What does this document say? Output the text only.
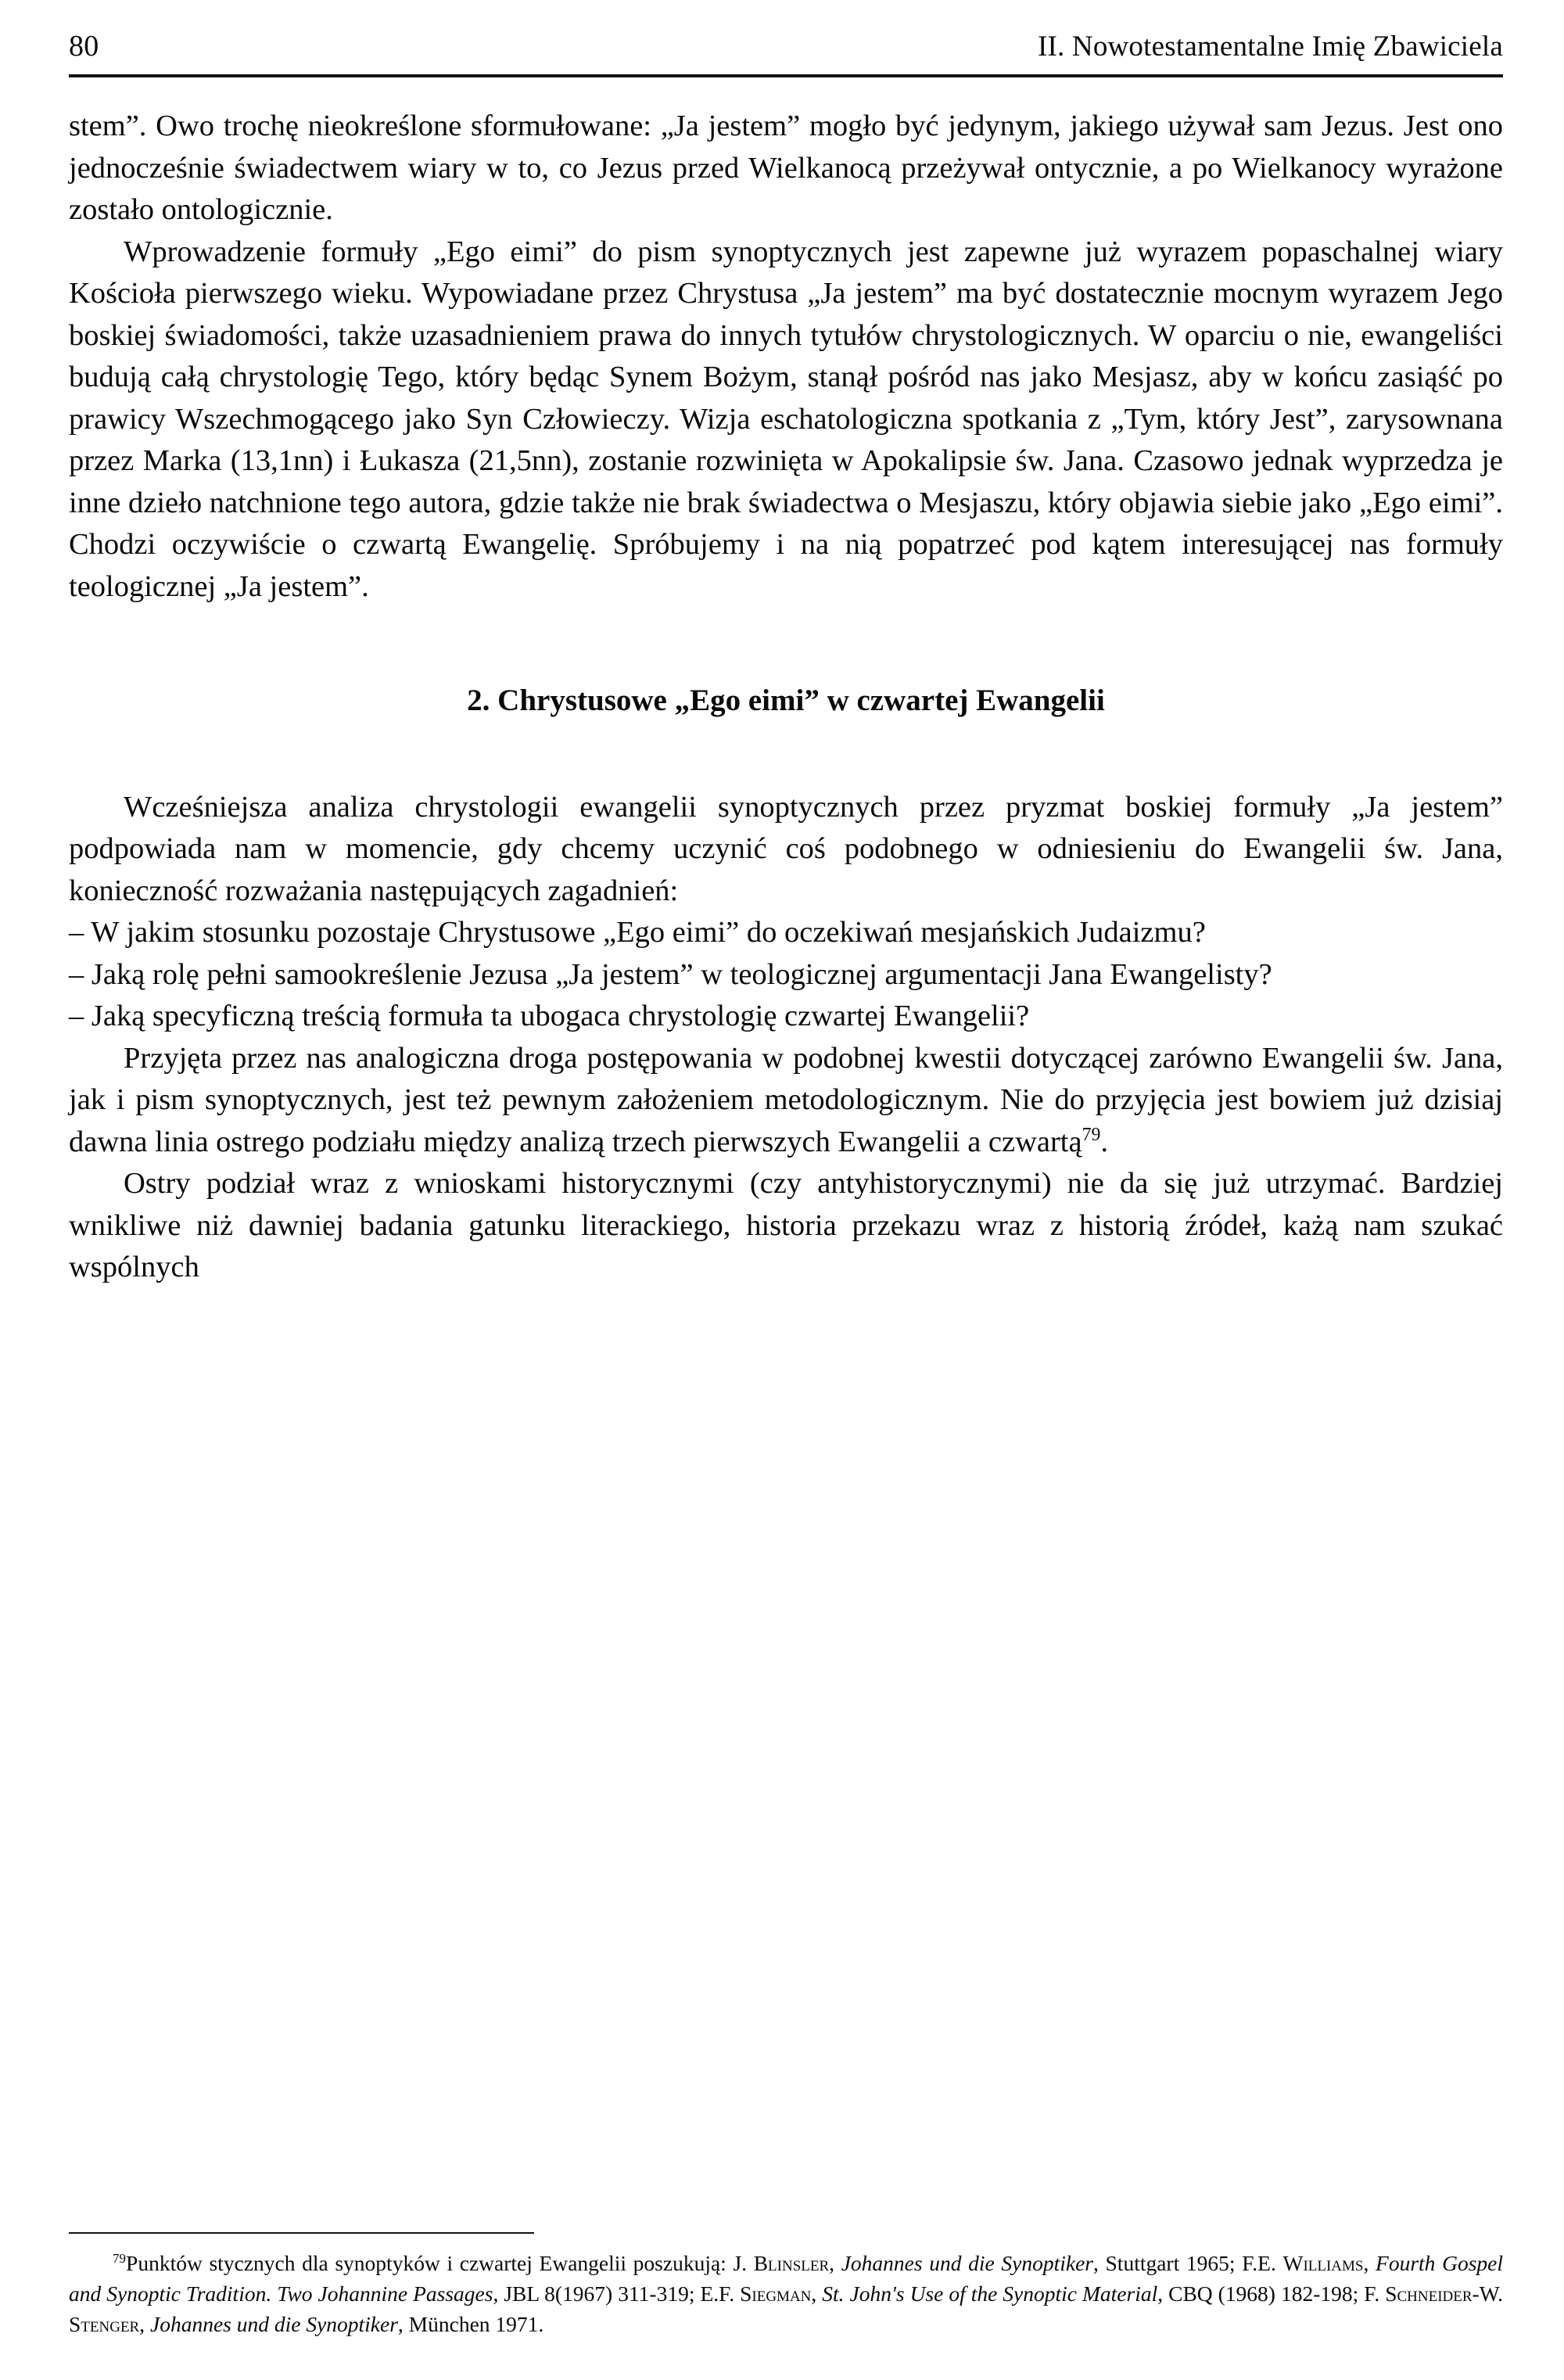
80	II. Nowotestamentalne Imię Zbawiciela

stem”. Owo trochę nieokreślone sformułowane: „Ja jestem” mogło być jedynym, jakiego używał sam Jezus. Jest ono jednocześnie świadectwem wiary w to, co Jezus przed Wielkanocą przeżywał ontycznie, a po Wielkanocy wyrażone zostało ontologicznie.

Wprowadzenie formuły „Ego eimi” do pism synoptycznych jest zapewne już wyrazem popaschalnej wiary Kościoła pierwszego wieku. Wypowiadane przez Chrystusa „Ja jestem” ma być dostatecznie mocnym wyrazem Jego boskiej świadomości, także uzasadnieniem prawa do innych tytułów chrystologicznych. W oparciu o nie, ewangeliści budują całą chrystologię Tego, który będąc Synem Bożym, stanął pośród nas jako Mesjasz, aby w końcu zasiąść po prawicy Wszechmogącego jako Syn Człowieczy. Wizja eschatologiczna spotkania z „Tym, który Jest”, zarysownana przez Marka (13,1nn) i Łukasza (21,5nn), zostanie rozwinięta w Apokalipsie św. Jana. Czasowo jednak wyprzedza je inne dzieło natchnione tego autora, gdzie także nie brak świadectwa o Mesjaszu, który objawia siebie jako „Ego eimi”. Chodzi oczywiście o czwartą Ewangelię. Spróbujemy i na nią popatrzeć pod kątem interesującej nas formuły teologicznej „Ja jestem”.

2. Chrystusowe „Ego eimi” w czwartej Ewangelii

Wcześniejsza analiza chrystologii ewangelii synoptycznych przez pryzmat boskiej formuły „Ja jestem” podpowiada nam w momencie, gdy chcemy uczynić coś podobnego w odniesieniu do Ewangelii św. Jana, konieczność rozważania następujących zagadnień:

– W jakim stosunku pozostaje Chrystusowe „Ego eimi” do oczekiwań mesjańskich Judaizmu?

– Jaką rolę pełni samookreślenie Jezusa „Ja jestem” w teologicznej argumentacji Jana Ewangelisty?

– Jaką specyficzną treścią formuła ta ubogaca chrystologię czwartej Ewangelii?

Przyjęta przez nas analogiczna droga postępowania w podobnej kwestii dotyczącej zarówno Ewangelii św. Jana, jak i pism synoptycznych, jest też pewnym założeniem metodologicznym. Nie do przyjęcia jest bowiem już dzisiaj dawna linia ostrego podziału między analizą trzech pierwszych Ewangelii a czwartą$^{79}$.

Ostry podział wraz z wnioskami historycznymi (czy antyhistorycznymi) nie da się już utrzymać. Bardziej wnikliwe niż dawniej badania gatunku literackiego, historia przekazu wraz z historią źródeł, każą nam szukać wspólnych

$^{79}$Punktów stycznych dla synoptyków i czwartej Ewangelii poszukują: J. Blinsler, Johannes und die Synoptiker, Stuttgart 1965; F.E. Williams, Fourth Gospel and Synoptic Tradition. Two Johannine Passages, JBL 8(1967) 311-319; E.F. Siegman, St. John's Use of the Synoptic Material, CBQ (1968) 182-198; F. Schneider-W. Stenger, Johannes und die Synoptiker, München 1971.
